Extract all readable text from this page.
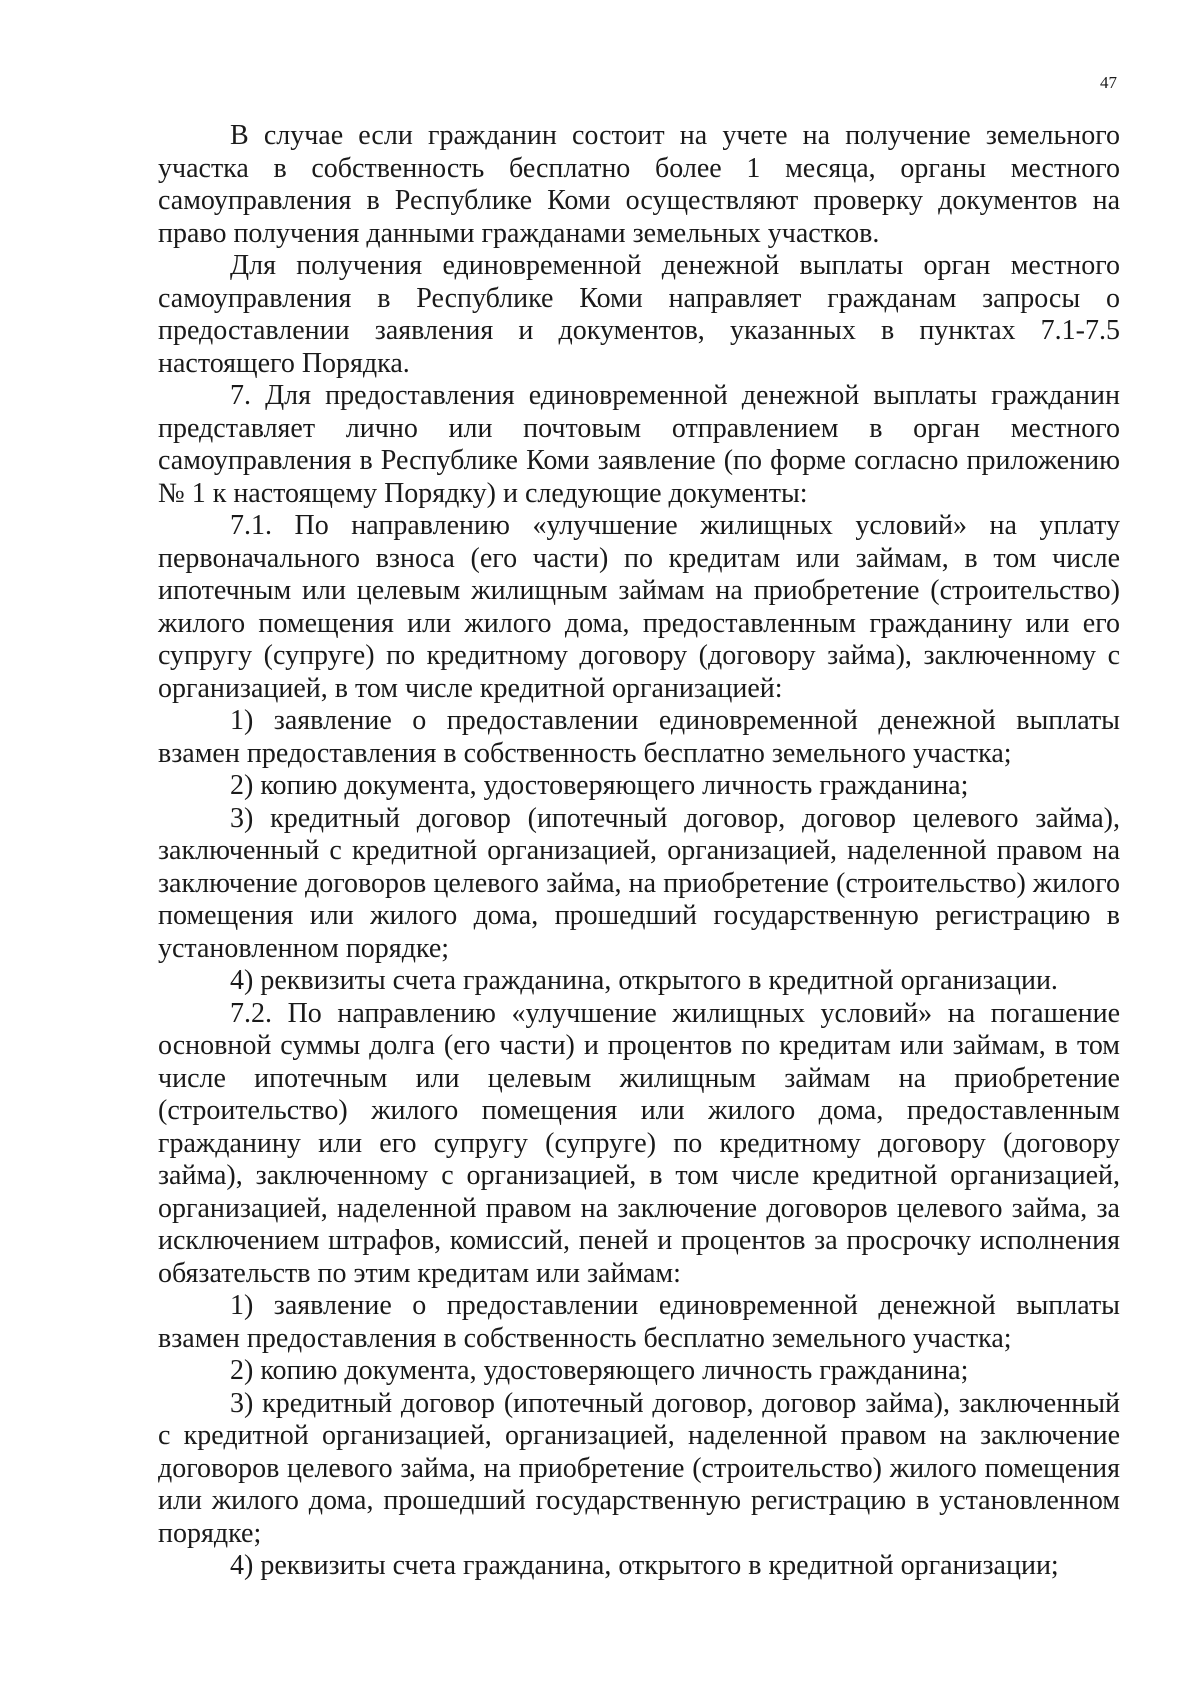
47

В случае если гражданин состоит на учете на получение земельного участка в собственность бесплатно более 1 месяца, органы местного самоуправления в Республике Коми осуществляют проверку документов на право получения данными гражданами земельных участков.

Для получения единовременной денежной выплаты орган местного самоуправления в Республике Коми направляет гражданам запросы о предоставлении заявления и документов, указанных в пунктах 7.1-7.5 настоящего Порядка.

7. Для предоставления единовременной денежной выплаты гражданин представляет лично или почтовым отправлением в орган местного самоуправления в Республике Коми заявление (по форме согласно приложению № 1 к настоящему Порядку) и следующие документы:

7.1. По направлению «улучшение жилищных условий» на уплату первоначального взноса (его части) по кредитам или займам, в том числе ипотечным или целевым жилищным займам на приобретение (строительство) жилого помещения или жилого дома, предоставленным гражданину или его супругу (супруге) по кредитному договору (договору займа), заключенному с организацией, в том числе кредитной организацией:

1) заявление о предоставлении единовременной денежной выплаты взамен предоставления в собственность бесплатно земельного участка;

2) копию документа, удостоверяющего личность гражданина;

3) кредитный договор (ипотечный договор, договор целевого займа), заключенный с кредитной организацией, организацией, наделенной правом на заключение договоров целевого займа, на приобретение (строительство) жилого помещения или жилого дома, прошедший государственную регистрацию в установленном порядке;

4) реквизиты счета гражданина, открытого в кредитной организации.

7.2. По направлению «улучшение жилищных условий» на погашение основной суммы долга (его части) и процентов по кредитам или займам, в том числе ипотечным или целевым жилищным займам на приобретение (строительство) жилого помещения или жилого дома, предоставленным гражданину или его супругу (супруге) по кредитному договору (договору займа), заключенному с организацией, в том числе кредитной организацией, организацией, наделенной правом на заключение договоров целевого займа, за исключением штрафов, комиссий, пеней и процентов за просрочку исполнения обязательств по этим кредитам или займам:

1) заявление о предоставлении единовременной денежной выплаты взамен предоставления в собственность бесплатно земельного участка;

2) копию документа, удостоверяющего личность гражданина;

3) кредитный договор (ипотечный договор, договор займа), заключенный с кредитной организацией, организацией, наделенной правом на заключение договоров целевого займа, на приобретение (строительство) жилого помещения или жилого дома, прошедший государственную регистрацию в установленном порядке;

4) реквизиты счета гражданина, открытого в кредитной организации;
